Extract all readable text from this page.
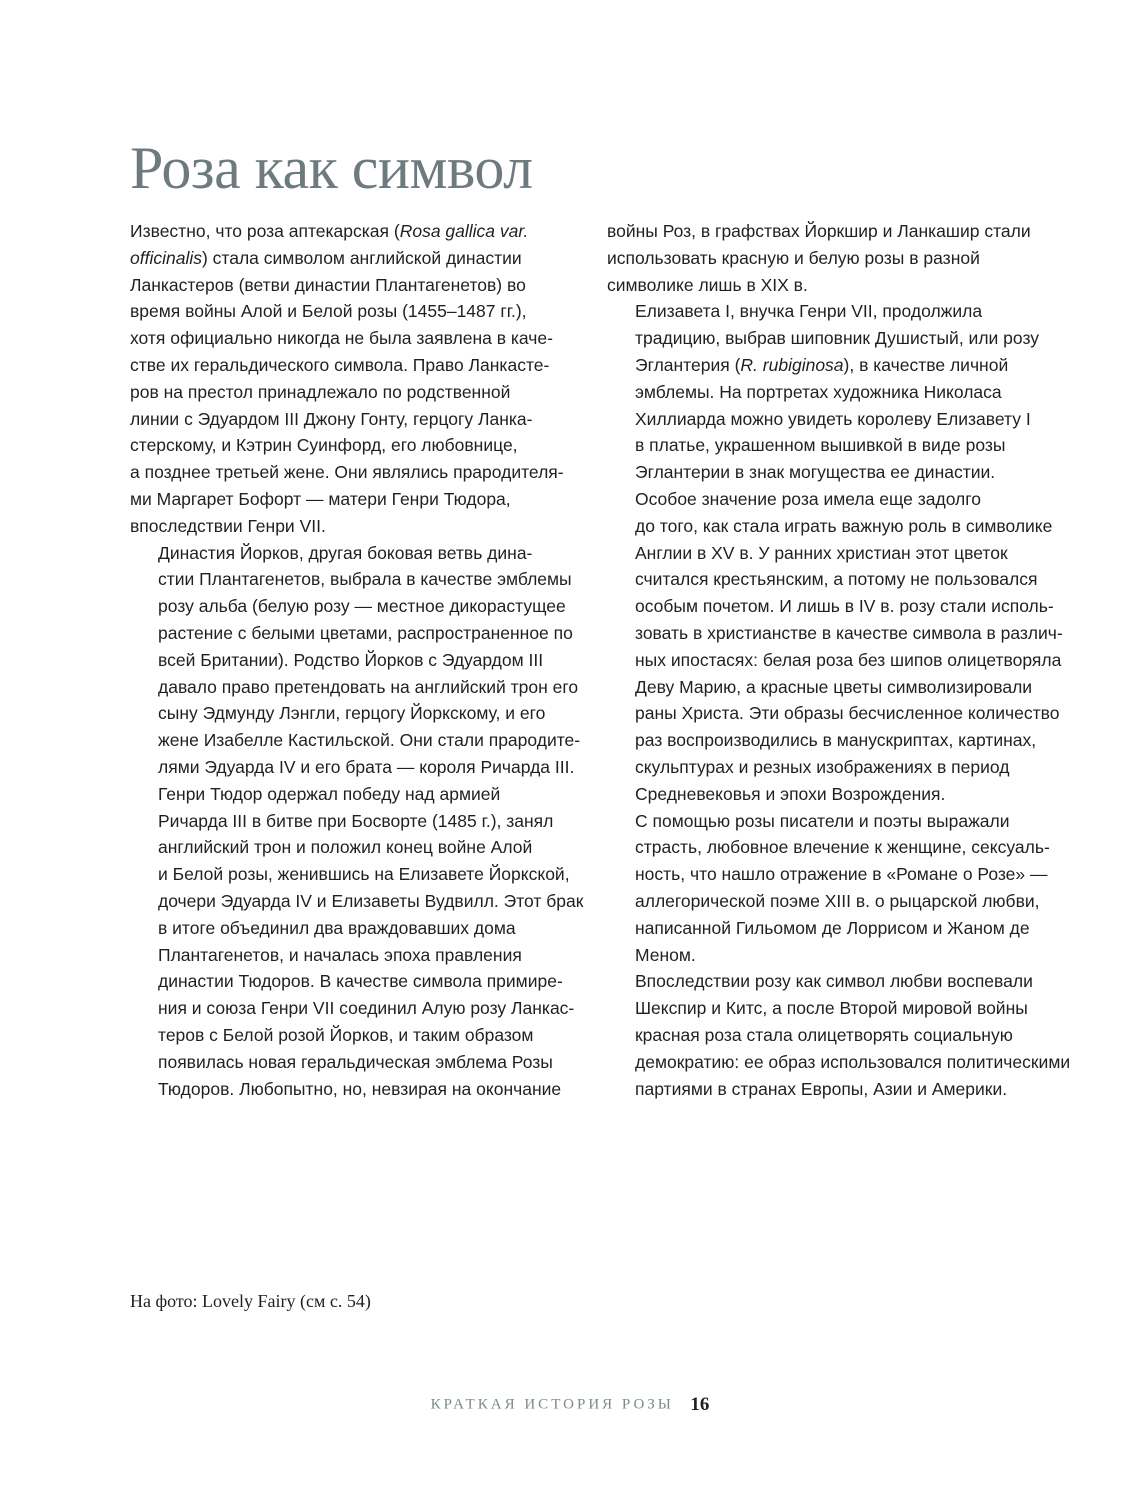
Роза как символ

Известно, что роза аптекарская (Rosa gallica var.
officinalis) стала символом английской династии
Ланкастеров (ветви династии Плантагенетов) во
время войны Алой и Белой розы (1455–1487 гг.),
хотя официально никогда не была заявлена в каче-
стве их геральдического символа. Право Ланкасте-
ров на престол принадлежало по родственной
линии с Эдуардом III Джону Гонту, герцогу Ланка-
стерскому, и Кэтрин Суинфорд, его любовнице,
а позднее третьей жене. Они являлись прародителя-
ми Маргарет Бофорт — матери Генри Тюдора,
впоследствии Генри VII.

Династия Йорков, другая боковая ветвь дина-
стии Плантагенетов, выбрала в качестве эмблемы
розу альба (белую розу — местное дикорастущее
растение с белыми цветами, распространенное по
всей Британии). Родство Йорков с Эдуардом III
давало право претендовать на английский трон его
сыну Эдмунду Лэнгли, герцогу Йоркскому, и его
жене Изабелле Кастильской. Они стали прародите-
лями Эдуарда IV и его брата — короля Ричарда III.

Генри Тюдор одержал победу над армией
Ричарда III в битве при Босворте (1485 г.), занял
английский трон и положил конец войне Алой
и Белой розы, женившись на Елизавете Йоркской,
дочери Эдуарда IV и Елизаветы Вудвилл. Этот брак
в итоге объединил два враждовавших дома
Плантагенетов, и началась эпоха правления
династии Тюдоров. В качестве символа примире-
ния и союза Генри VII соединил Алую розу Ланкас-
теров с Белой розой Йорков, и таким образом
появилась новая геральдическая эмблема Розы
Тюдоров. Любопытно, но, невзирая на окончание

войны Роз, в графствах Йоркшир и Ланкашир стали
использовать красную и белую розы в разной
символике лишь в XIX в.

Елизавета I, внучка Генри VII, продолжила
традицию, выбрав шиповник Душистый, или розу
Эглантерия (R. rubiginosa), в качестве личной
эмблемы. На портретах художника Николаса
Хиллиарда можно увидеть королеву Елизавету I
в платье, украшенном вышивкой в виде розы
Эглантерии в знак могущества ее династии.

Особое значение роза имела еще задолго
до того, как стала играть важную роль в символике
Англии в XV в. У ранних христиан этот цветок
считался крестьянским, а потому не пользовался
особым почетом. И лишь в IV в. розу стали исполь-
зовать в христианстве в качестве символа в различ-
ных ипостасях: белая роза без шипов олицетворяла
Деву Марию, а красные цветы символизировали
раны Христа. Эти образы бесчисленное количество
раз воспроизводились в манускриптах, картинах,
скульптурах и резных изображениях в период
Средневековья и эпохи Возрождения.

С помощью розы писатели и поэты выражали
страсть, любовное влечение к женщине, сексуаль-
ность, что нашло отражение в «Романе о Розе» —
аллегорической поэме XIII в. о рыцарской любви,
написанной Гильомом де Лоррисом и Жаном де
Меном.

Впоследствии розу как символ любви воспевали
Шекспир и Китс, а после Второй мировой войны
красная роза стала олицетворять социальную
демократию: ее образ использовался политическими
партиями в странах Европы, Азии и Америки.

На фото: Lovely Fairy (см с. 54)
КРАТКАЯ ИСТОРИЯ РОЗЫ 16
